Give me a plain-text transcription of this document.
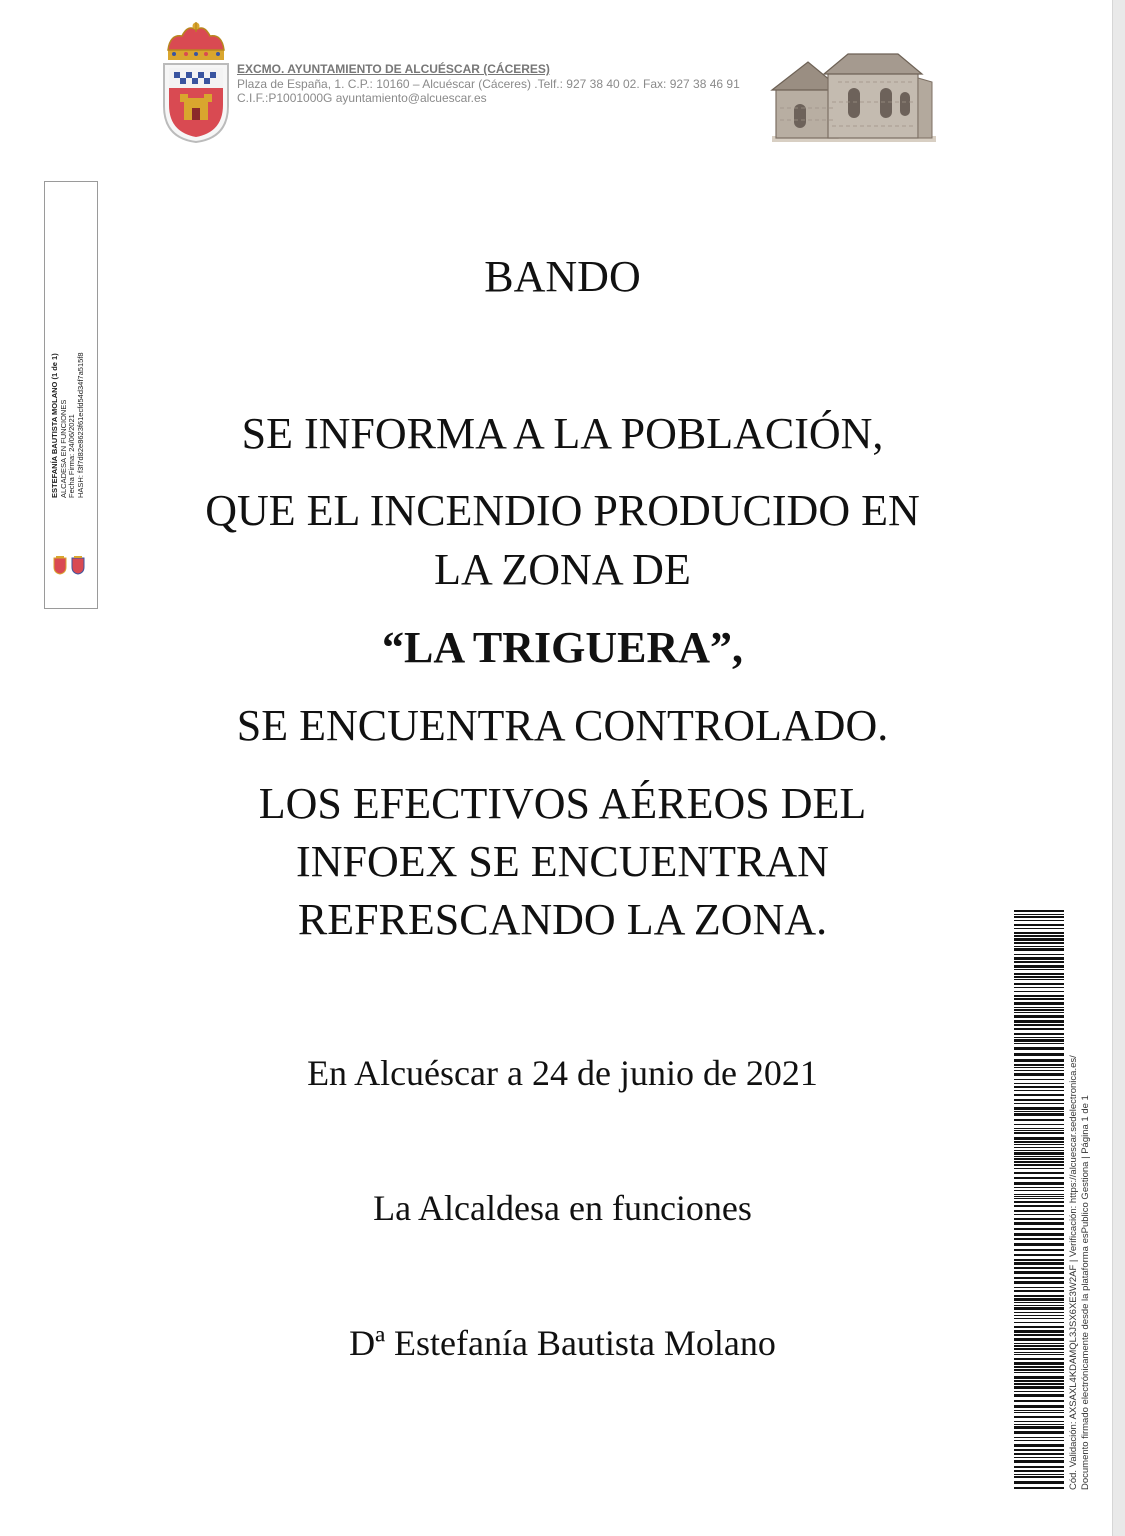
EXCMO. AYUNTAMIENTO DE ALCUÉSCAR (CÁCERES)
Plaza de España, 1. C.P.: 10160 – Alcuéscar (Cáceres) .Telf.: 927 38 40 02. Fax: 927 38 46 91
C.I.F.:P1001000G ayuntamiento@alcuescar.es
ESTEFANÍA BAUTISTA MOLANO (1 de 1) ALCADESA EN FUNCIONES Fecha Firma: 24/06/2021 HASH: f3f7d82e8623f61ecfd54d34f7a515f8
BANDO
SE INFORMA A LA POBLACIÓN,
QUE EL INCENDIO PRODUCIDO EN
LA ZONA DE
“LA TRIGUERA”,
SE ENCUENTRA CONTROLADO.
LOS EFECTIVOS AÉREOS DEL
INFOEX SE ENCUENTRAN
REFRESCANDO LA ZONA.
En Alcuéscar a 24 de junio de 2021
La Alcaldesa en funciones
Dª Estefanía Bautista Molano	Cód. Validación: AXSAXL4KDAMQL3JSX6XE3W2AF | Verificación: https://alcuescar.sedelectronica.es/ Documento firmado electrónicamente desde la plataforma esPublico Gestiona | Página 1 de 1
